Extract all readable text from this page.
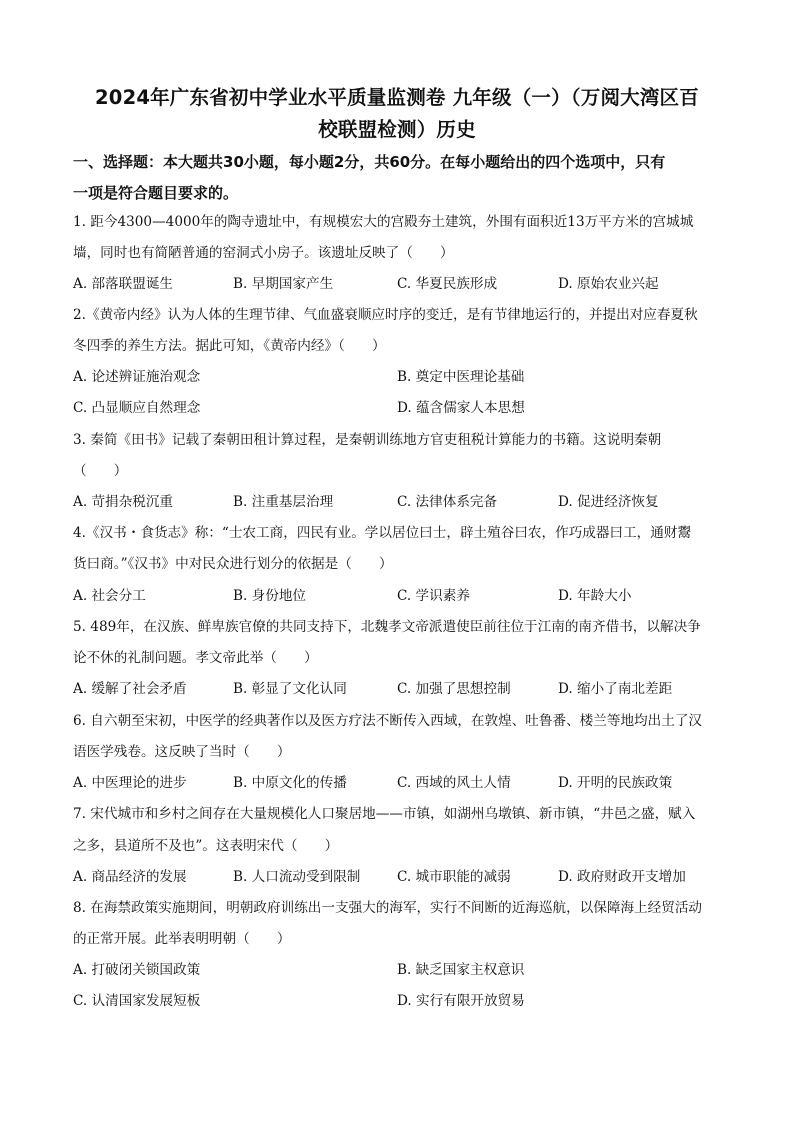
2024年广东省初中学业水平质量监测卷 九年级（一）（万阅大湾区百
校联盟检测）历史
一、选择题：本大题共30小题，每小题2分，共60分。在每小题给出的四个选项中，只有
一项是符合题目要求的。
1. 距今4300—4000年的陶寺遗址中，有规模宏大的宫殿夯土建筑，外围有面积近13万平方米的宫城城
墙，同时也有简陋普通的窑洞式小房子。该遗址反映了（　　）
A. 部落联盟诞生	B. 早期国家产生	C. 华夏民族形成	D. 原始农业兴起
2.《黄帝内经》认为人体的生理节律、气血盛衰顺应时序的变迁，是有节律地运行的，并提出对应春夏秋
冬四季的养生方法。据此可知，《黄帝内经》（　　）
A. 论述辨证施治观念	B. 奠定中医理论基础
C. 凸显顺应自然理念	D. 蕴含儒家人本思想
3. 秦简《田书》记载了秦朝田租计算过程，是秦朝训练地方官吏租税计算能力的书籍。这说明秦朝
（　　）
A. 苛捐杂税沉重	B. 注重基层治理	C. 法律体系完备	D. 促进经济恢复
4.《汉书・食货志》称：“士农工商，四民有业。学以居位曰士，辟土殖谷曰农，作巧成器曰工，通财鬻
货曰商。”《汉书》中对民众进行划分的依据是（　　）
A. 社会分工	B. 身份地位	C. 学识素养	D. 年龄大小
5. 489年，在汉族、鲜卑族官僚的共同支持下，北魏孝文帝派遣使臣前往位于江南的南齐借书，以解决争
论不休的礼制问题。孝文帝此举（　　）
A. 缓解了社会矛盾	B. 彰显了文化认同	C. 加强了思想控制	D. 缩小了南北差距
6. 自六朝至宋初，中医学的经典著作以及医方疗法不断传入西域，在敦煌、吐鲁番、楼兰等地均出土了汉
语医学残卷。这反映了当时（　　）
A. 中医理论的进步	B. 中原文化的传播	C. 西域的风土人情	D. 开明的民族政策
7. 宋代城市和乡村之间存在大量规模化人口聚居地——市镇，如湖州乌墩镇、新市镇，“井邑之盛，赋入
之多，县道所不及也”。这表明宋代（　　）
A. 商品经济的发展	B. 人口流动受到限制	C. 城市职能的减弱	D. 政府财政开支增加
8. 在海禁政策实施期间，明朝政府训练出一支强大的海军，实行不间断的近海巡航，以保障海上经贸活动
的正常开展。此举表明明朝（　　）
A. 打破闭关锁国政策	B. 缺乏国家主权意识
C. 认清国家发展短板	D. 实行有限开放贸易
